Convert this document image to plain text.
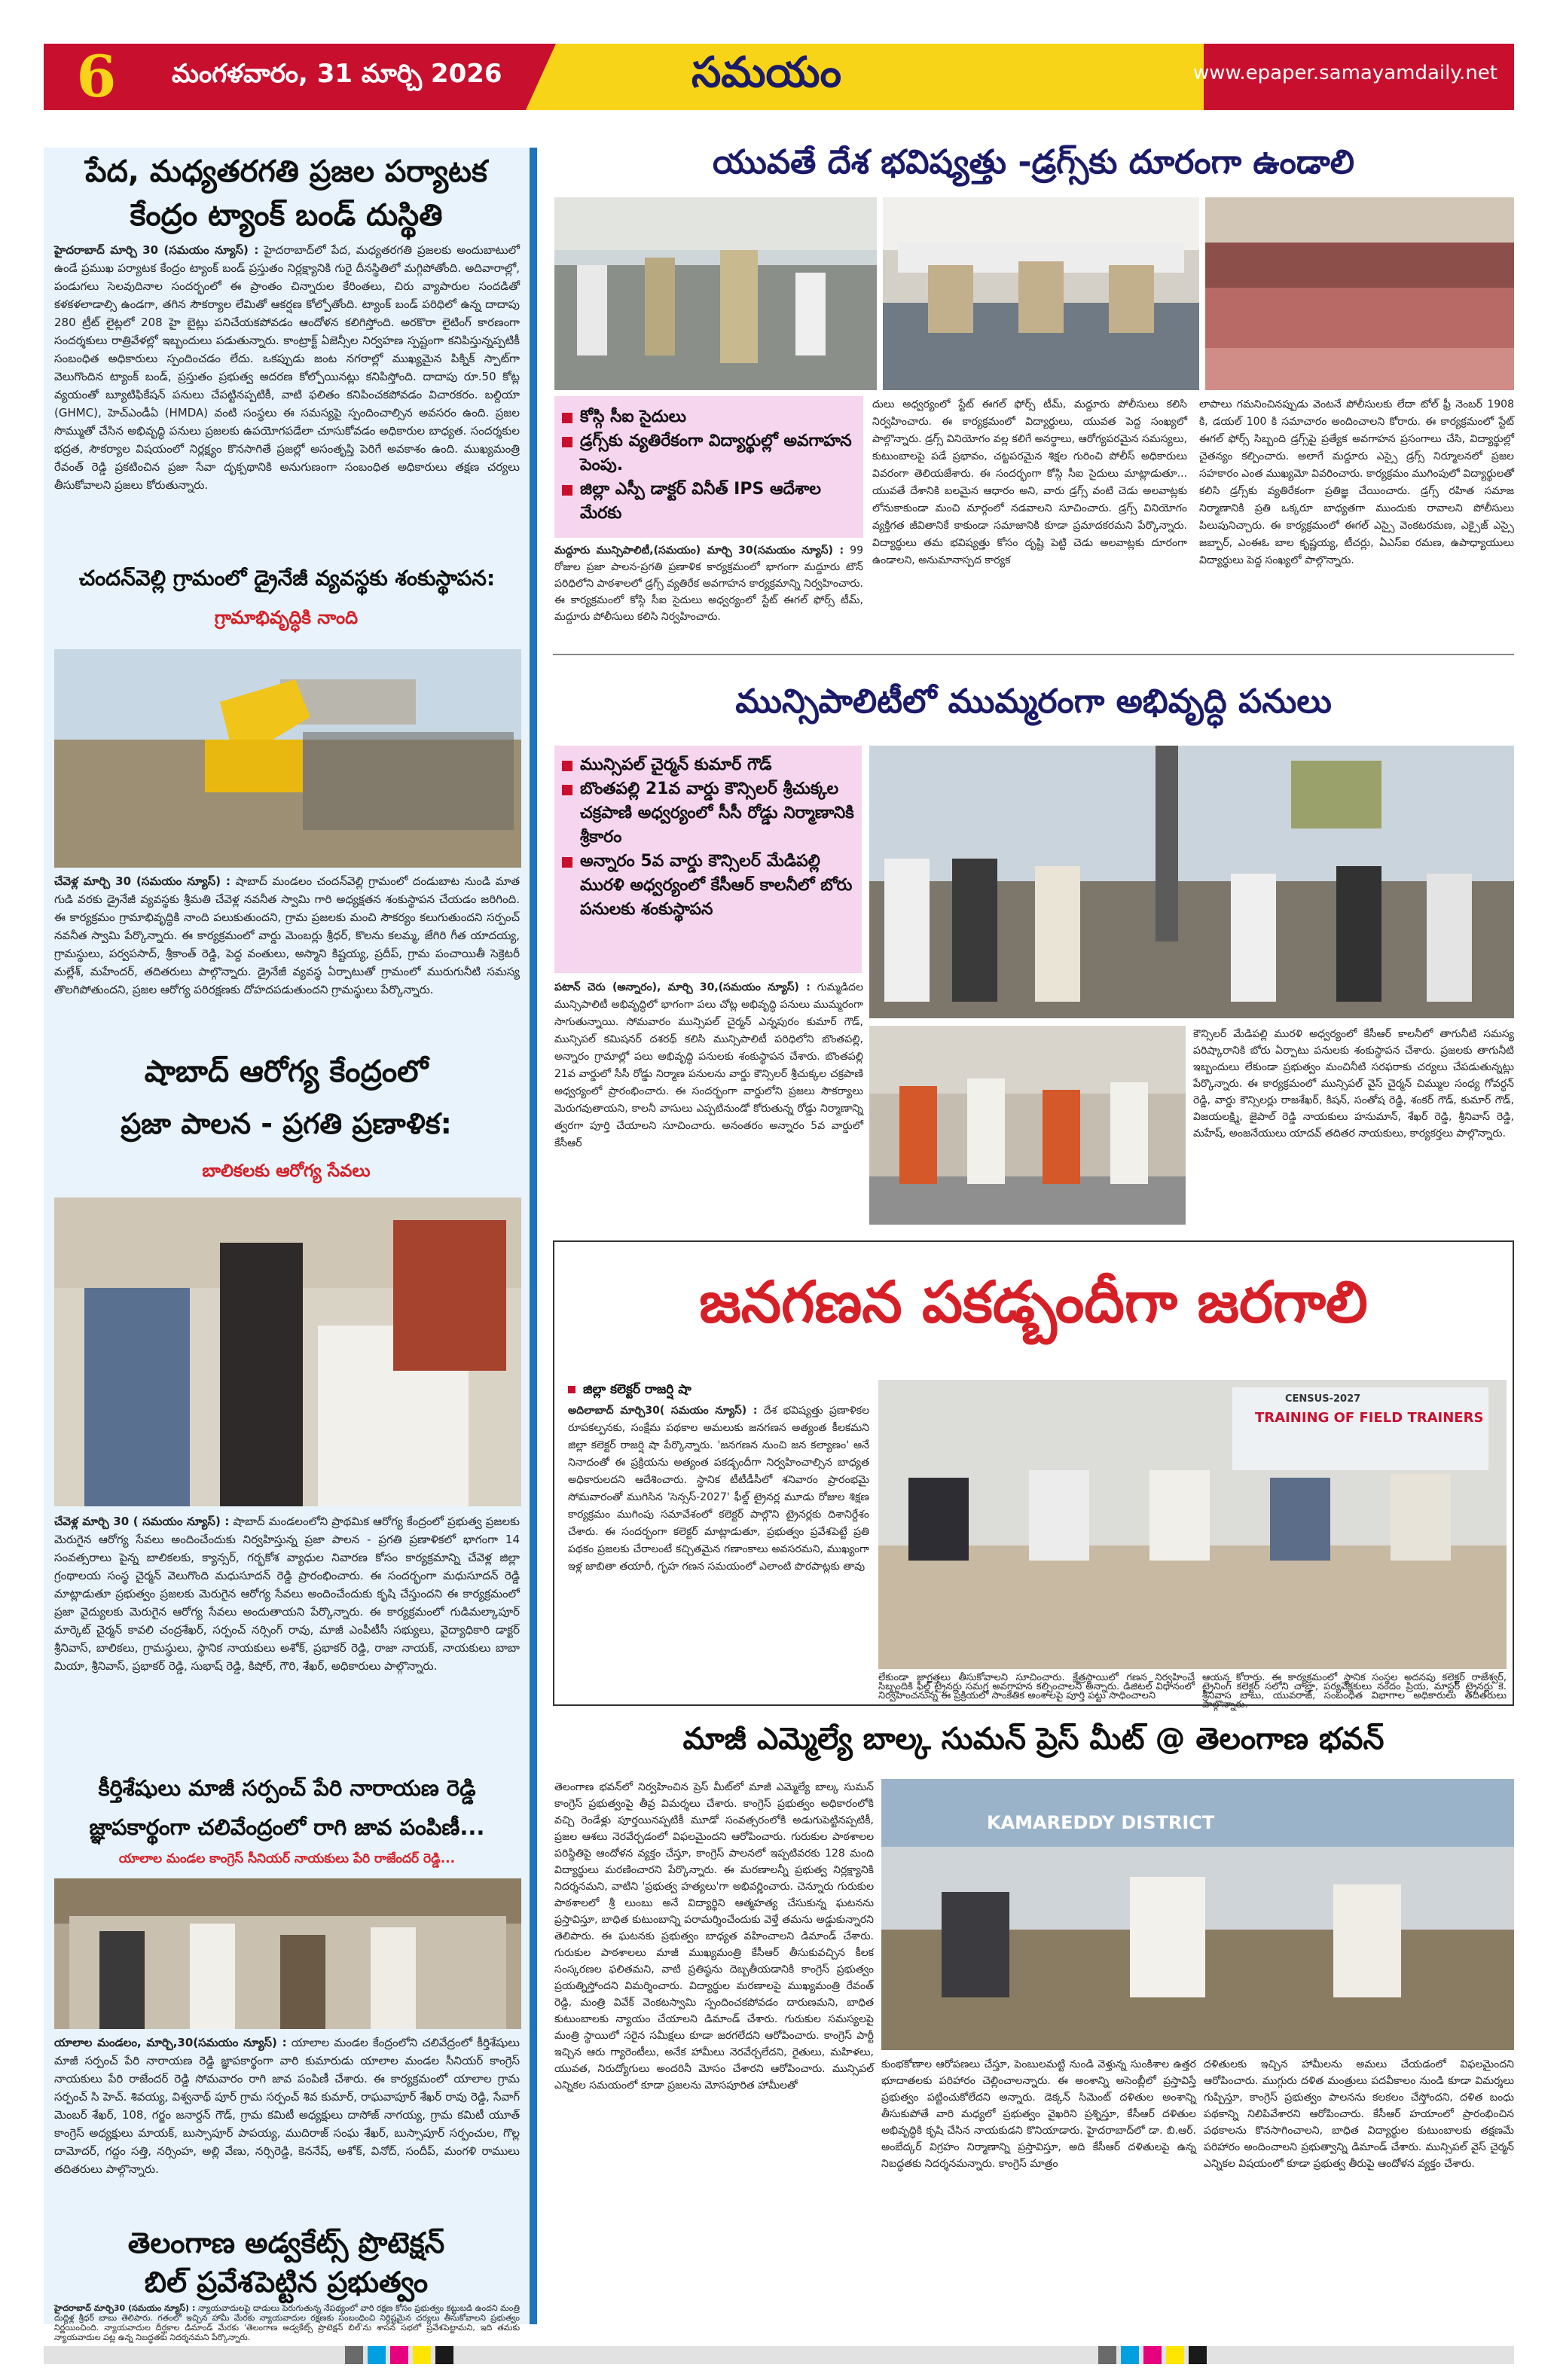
6	మంగళవారం, 31 మార్చి 2026	సమయం	www.epaper.samayamdaily.net
పేద, మధ్యతరగతి ప్రజల పర్యాటక
కేంద్రం ట్యాంక్ బండ్ దుస్థితి
హైదరాబాద్ మార్చి 30 (సమయం న్యూస్) : హైదరాబాద్‌లో పేద, మధ్యతరగతి ప్రజలకు అందుబాటులో ఉండే ప్రముఖ పర్యాటక కేంద్రం ట్యాంక్ బండ్ ప్రస్తుతం నిర్లక్ష్యానికి గురై దీనస్థితిలో మగ్గిపోతోంది. అదివారాల్లో, పండుగలు సెలవుదినాల సందర్భంలో ఈ ప్రాంతం చిన్నారుల కేరింతలు, చిరు వ్యాపారుల సందడితో కళకళలాడాల్సి ఉండగా, తగిన సౌకర్యాల లేమితో ఆకర్షణ కోల్పోతోంది. ట్యాంక్ బండ్ పరిధిలో ఉన్న దాదాపు 280 ట్రీట్ లైట్లలో 208 హై బైట్లు పనిచేయకపోవడం ఆందోళన కలిగిస్తోంది. అరకొరా లైటింగ్ కారణంగా సందర్శకులు రాత్రివేళల్లో ఇబ్బందులు పడుతున్నారు. కాంట్రాక్ట్ ఏజెన్సీల నిర్వహణ స్పష్టంగా కనిపిస్తున్నప్పటికీ సంబంధిత అధికారులు స్పందించడం లేదు. ఒకప్పుడు జంట నగరాల్లో ముఖ్యమైన పిక్నిక్ స్పాట్‌గా వెలుగొందిన ట్యాంక్ బండ్, ప్రస్తుతం ప్రభుత్వ అదరణ కోల్పోయినట్లు కనిపిస్తోంది. దాదాపు రూ.50 కోట్ల వ్యయంతో బ్యూటిఫికేషన్ పనులు చేపట్టినప్పటికీ, వాటి ఫలితం కనిపించకపోవడం విచారకరం. బల్దియా (GHMC), హెచ్ఎండీఏ (HMDA) వంటి సంస్థలు ఈ సమస్యపై స్పందించాల్సిన అవసరం ఉంది. ప్రజల సొమ్ముతో చేసిన అభివృద్ధి పనులు ప్రజలకు ఉపయోగపడేలా చూసుకోవడం అధికారుల బాధ్యత. సందర్శకుల భద్రత, సౌకర్యాల విషయంలో నిర్లక్ష్యం కొనసాగితే ప్రజల్లో అసంతృప్తి పెరిగే అవకాశం ఉంది. ముఖ్యమంత్రి రేవంత్ రెడ్డి ప్రకటించిన ప్రజా సేవా దృక్పథానికి అనుగుణంగా సంబంధిత అధికారులు తక్షణ చర్యలు తీసుకోవాలని ప్రజలు కోరుతున్నారు.
చందన్‌వెల్లి గ్రామంలో డ్రైనేజీ వ్యవస్థకు శంకుస్థాపన:
గ్రామాభివృద్ధికి నాంది
చేవెళ్ల మార్చి 30 (సమయం న్యూస్) : షాబాద్ మండలం చందన్‌వెల్లి గ్రామంలో దండుబాట నుండి మాత గుడి వరకు డ్రైనేజీ వ్యవస్థకు శ్రీమతి చేవెళ్ల నవనీత స్వామి గారి అధ్యక్షతన శంకుస్థాపన చేయడం జరిగింది. ఈ కార్యక్రమం గ్రామాభివృద్ధికి నాంది పలుకుతుందని, గ్రామ ప్రజలకు మంచి సౌకర్యం కలుగుతుందని సర్పంచ్ నవనీత స్వామి పేర్కొన్నారు. ఈ కార్యక్రమంలో వార్డు మెంబర్లు శ్రీధర్, కొలను కలమ్మ, జేగిరి గీత యాదయ్య, గ్రామస్థులు, పర్వపసాద్, శ్రీకాంత్ రెడ్డి, పెద్ద వంతులు, అస్మాని కిష్టయ్య, ప్రదీప్, గ్రామ పంచాయితీ సెక్రెటరీ మల్లేశ్, మహేందర్, తదితరులు పాల్గొన్నారు. డ్రైనేజీ వ్యవస్థ ఏర్పాటుతో గ్రామంలో మురుగునీటి సమస్య తొలగిపోతుందని, ప్రజల ఆరోగ్య పరిరక్షణకు దోహదపడుతుందని గ్రామస్థులు పేర్కొన్నారు.
షాబాద్ ఆరోగ్య కేంద్రంలో
ప్రజా పాలన - ప్రగతి ప్రణాళిక:
బాలికలకు ఆరోగ్య సేవలు
చేవెళ్ల మార్చి 30 ( సమయం న్యూస్) : షాబాద్ మండలంలోని ప్రాథమిక ఆరోగ్య కేంద్రంలో ప్రభుత్వ ప్రజలకు మెరుగైన ఆరోగ్య సేవలు అందించేందుకు నిర్వహిస్తున్న ప్రజా పాలన - ప్రగతి ప్రణాళికలో భాగంగా 14 సంవత్సరాలు పైన్న బాలికలకు, క్యాన్సర్, గర్భకోశ వ్యాధుల నివారణ కోసం కార్యక్రమాన్ని చేవెళ్ల జిల్లా గ్రంథాలయ సంస్థ చైర్మన్ వెలుగొంది మధుసూదన్ రెడ్డి ప్రారంభించారు. ఈ సందర్భంగా మధుసూదన్ రెడ్డి మాట్లాడుతూ ప్రభుత్వం ప్రజలకు మెరుగైన ఆరోగ్య సేవలు అందించేందుకు కృషి చేస్తుందని ఈ కార్యక్రమంలో ప్రజా వైద్యులకు మెరుగైన ఆరోగ్య సేవలు అందుతాయని పేర్కొన్నారు. ఈ కార్యక్రమంలో గుడిమల్కాపూర్ మార్కెట్ చైర్మన్ కావలి చంద్రశేఖర్, సర్పంచ్ నర్సింగ్ రావు, మాజీ ఎంపీటీసీ సభ్యులు, వైద్యాధికారి డాక్టర్ శ్రీనివాస్, బాలికలు, గ్రామస్థులు, స్థానిక నాయకులు అశోక్, ప్రభాకర్ రెడ్డి, రాజా నాయక్, నాయకులు బాబా మియా, శ్రీనివాస్, ప్రభాకర్ రెడ్డి, సుభాష్ రెడ్డి, కిషోర్, గౌరి, శేఖర్, అధికారులు పాల్గొన్నారు.
కీర్తిశేషులు మాజీ సర్పంచ్ పేరి నారాయణ రెడ్డి
జ్ఞాపకార్థంగా చలివేంద్రంలో రాగి జావ పంపిణీ...
యాలాల మండల కాంగ్రెస్ సీనియర్ నాయకులు పేరి రాజేందర్ రెడ్డి...
యాలాల మండలం, మార్చి,30(సమయం న్యూస్) : యాలాల మండల కేంద్రంలోని చలివేద్రంలో కీర్తిశేషులు మాజీ సర్పంచ్ పేరి నారాయణ రెడ్డి జ్ఞాపకార్థంగా వారి కుమారుడు యాలాల మండల సీనియర్ కాంగ్రెస్ నాయకులు పేరి రాజేందర్ రెడ్డి సోమవారం రాగి జావ పంపిణీ చేశారు. ఈ కార్యక్రమంలో యాలాల గ్రామ సర్పంచ్ సి హెచ్. శివయ్య, విశ్వనాథ్ పూర్ గ్రామ సర్పంచ్ శివ కుమార్, రాఘవాపూర్ శేఖర్ రావు రెడ్డి, సేవాగ్ మెంబర్ శేఖర్, 108, గర్జం జనార్దన్ గౌడ్, గ్రామ కమిటీ అధ్యక్షులు దాసోజ్ నాగయ్య, గ్రామ కమిటీ యూత్ కాంగ్రెస్ అధ్యక్షులు మాయక్, బుస్సాపూర్ పాపయ్య, ముదిరాజ్ సంఘ శేఖర్, బుస్సాపూర్ సర్పంచుల, గొల్ల దామోదర్, గద్దం సత్తి, నర్సింహ, అల్లి వేణు, నర్సిరెడ్డి, కెననేష్, అశోక్, వినోద్, సందీప్, మంగళి రాములు తదితరులు పాల్గొన్నారు.
తెలంగాణ అడ్వకేట్స్ ప్రొటెక్షన్
బిల్ ప్రవేశపెట్టిన ప్రభుత్వం
హైదరాబాద్ మార్చి30 (సమయం న్యూస్) : న్యాయవాదులపై దాడులు పెరుగుతున్న నేపథ్యంలో వారి రక్షణ కోసం ప్రభుత్వం కట్టుబడి ఉందని మంత్రి దుద్దిళ్ల శ్రీధర్ బాబు తెలిపారు. గతంలో ఇచ్చిన హామీ మేరకు న్యాయవాదుల రక్షణకు సంబంధించి నిర్దిష్టమైన చర్యలు తీసుకోవాలని ప్రభుత్వం నిర్ణయించింది. న్యాయవాదుల దీర్ఘకాల డిమాండ్ మేరకు 'తెలంగాణ అడ్వకేట్స్ ప్రొటెక్షన్ బిల్'ను శాసన సభలో ప్రవేశపెట్టామని, ఇది తమకు న్యాయవాదుల పట్ల ఉన్న నిబద్ధతకు నిదర్శనమని పేర్కొన్నారు.
యువతే దేశ భవిష్యత్తు -డ్రగ్స్‌కు దూరంగా ఉండాలి
కోస్గి సీఐ సైదులు
డ్రగ్స్‌కు వ్యతిరేకంగా విద్యార్థుల్లో అవగాహన పెంపు.
జిల్లా ఎస్పీ డాక్టర్ వినీత్ IPS ఆదేశాల మేరకు
మద్దూరు మున్సిపాలిటీ,(సమయం) మార్చి 30(సమయం న్యూస్) : 99 రోజుల ప్రజా పాలన-ప్రగతి ప్రణాళిక కార్యక్రమంలో భాగంగా మద్దూరు టౌన్ పరిధిలోని పాఠశాలలో డ్రగ్స్ వ్యతిరేక అవగాహన కార్యక్రమాన్ని నిర్వహించారు. ఈ కార్యక్రమంలో కోస్గి సీఐ సైదులు అధ్వర్యంలో స్టేట్ ఈగల్ ఫోర్స్ టీమ్, మద్దూరు పోలీసులు కలిసి నిర్వహించారు.
దులు అధ్వర్యంలో స్టేట్ ఈగల్ ఫోర్స్ టీమ్, మద్దూరు పోలీసులు కలిసి నిర్వహించారు. ఈ కార్యక్రమంలో విద్యార్థులు, యువత పెద్ద సంఖ్యలో పాల్గొన్నారు. డ్రగ్స్ వినియోగం వల్ల కలిగే అనర్థాలు, ఆరోగ్యపరమైన సమస్యలు, కుటుంబాలపై పడే ప్రభావం, చట్టపరమైన శిక్షల గురించి పోలీస్ అధికారులు వివరంగా తెలియజేశారు. ఈ సందర్భంగా కోస్గి సీఐ సైదులు మాట్లాడుతూ... యువతే దేశానికి బలమైన ఆధారం అని, వారు డ్రగ్స్ వంటి చెడు అలవాట్లకు లోనుకాకుండా మంచి మార్గంలో నడవాలని సూచించారు. డ్రగ్స్ వినియోగం వ్యక్తిగత జీవితానికే కాకుండా సమాజానికి కూడా ప్రమాదకరమని పేర్కొన్నారు. విద్యార్థులు తమ భవిష్యత్తు కోసం దృష్టి పెట్టి చెడు అలవాట్లకు దూరంగా ఉండాలని, అనుమానాస్పద కార్యక
లాపాలు గమనించినప్పుడు వెంటనే పోలీసులకు లేదా టోల్ ఫ్రీ నెంబర్ 1908 కి, డయల్ 100 కి సమాచారం అందించాలని కోరారు. ఈ కార్యక్రమంలో స్టేట్ ఈగల్ ఫోర్స్ సిబ్బంది డ్రగ్స్‌పై ప్రత్యేక అవగాహన ప్రసంగాలు చేసి, విద్యార్థుల్లో చైతన్యం కల్పించారు. అలాగే మద్దూరు ఎస్సై డ్రగ్స్ నిర్మూలనలో ప్రజల సహకారం ఎంత ముఖ్యమో వివరించారు. కార్యక్రమం ముగింపులో విద్యార్థులతో కలిసి డ్రగ్స్‌కు వ్యతిరేకంగా ప్రతిజ్ఞ చేయించారు. డ్రగ్స్ రహిత సమాజ నిర్మాణానికి ప్రతి ఒక్కరూ బాధ్యతగా ముందుకు రావాలని పోలీసులు పిలుపునిచ్చారు. ఈ కార్యక్రమంలో ఈగల్ ఎస్సై వెంకటరమణ, ఎక్సైజ్ ఎస్సై జబ్బార్, ఎంఈఓ బాల కృష్ణయ్య, టీచర్లు, ఏఎస్ఐ రమణ, ఉపాధ్యాయులు విద్యార్థులు పెద్ద సంఖ్యలో పాల్గొన్నారు.
మున్సిపాలిటీలో ముమ్మరంగా అభివృద్ధి పనులు
మున్సిపల్ చైర్మన్ కుమార్ గౌడ్
బొంతపల్లి 21వ వార్డు కౌన్సిలర్ శ్రీచుక్కల చక్రపాణి అధ్వర్యంలో సీసీ రోడ్డు నిర్మాణానికి శ్రీకారం
అన్నారం 5వ వార్డు కౌన్సిలర్ మేడిపల్లి మురళి అధ్వర్యంలో కేసీఆర్ కాలనీలో బోరు పనులకు శంకుస్థాపన
పటాన్ చెరు (అన్నారం), మార్చి 30,(సమయం న్యూస్) : గుమ్మడిదల మున్సిపాలిటీ అభివృద్ధిలో భాగంగా పలు చోట్ల అభివృద్ధి పనులు ముమ్మరంగా సాగుతున్నాయి. సోమవారం మున్సిపల్ చైర్మన్ ఎన్నపురం కుమార్ గౌడ్, మున్సిపల్ కమిషనర్ దశరథ్ కలిసి మున్సిపాలిటీ పరిధిలోని బొంతపల్లి, అన్నారం గ్రామాల్లో పలు అభివృద్ధి పనులకు శంకుస్థాపన చేశారు. బొంతపల్లి 21వ వార్డులో సీసీ రోడ్డు నిర్మాణ పనులను వార్డు కౌన్సిలర్ శ్రీచుక్కల చక్రపాణి అధ్వర్యంలో ప్రారంభించారు. ఈ సందర్భంగా వార్డులోని ప్రజలు సౌకర్యాలు మెరుగవుతాయని, కాలనీ వాసులు ఎప్పటినుండో కోరుతున్న రోడ్డు నిర్మాణాన్ని త్వరగా పూర్తి చేయాలని సూచించారు. అనంతరం అన్నారం 5వ వార్డులో కేసీఆర్
కౌన్సిలర్ మేడిపల్లి మురళి అధ్వర్యంలో కేసీఆర్ కాలనీలో తాగునీటి సమస్య పరిష్కారానికి బోరు ఏర్పాటు పనులకు శంకుస్థాపన చేశారు. ప్రజలకు తాగునీటి ఇబ్బందులు లేకుండా ప్రభుత్వం మంచినీటి సరఫరాకు చర్యలు చేపడుతున్నట్లు పేర్కొన్నారు. ఈ కార్యక్రమంలో మున్సిపల్ వైస్ చైర్మన్ చిమ్ముల సంధ్య గోవర్ధన్ రెడ్డి, వార్డు కౌన్సిలర్లు రాజశేఖర్, కిషన్, సంతోష రెడ్డి, శంకర్ గౌడ్, కుమార్ గౌడ్, విజయలక్ష్మి, జైపాల్ రెడ్డి నాయకులు హనుమాన్, శేఖర్ రెడ్డి, శ్రీనివాస్ రెడ్డి, మహేష్, అంజనేయులు యాదవ్ తదితర నాయకులు, కార్యకర్తలు పాల్గొన్నారు.
జనగణన పకడ్బందీగా జరగాలి
జిల్లా కలెక్టర్ రాజర్షి షా
అదిలాబాద్ మార్చి30( సమయం న్యూస్) : దేశ భవిష్యత్తు ప్రణాళికల రూపకల్పనకు, సంక్షేమ పథకాల అమలుకు జనగణన అత్యంత కీలకమని జిల్లా కలెక్టర్ రాజర్షి షా పేర్కొన్నారు. 'జనగణన నుంచి జన కల్యాణం' అనే నినాదంతో ఈ ప్రక్రియను అత్యంత పకడ్బందీగా నిర్వహించాల్సిన బాధ్యత అధికారులదని ఆదేశించారు. స్థానిక టీటీడీసీలో శనివారం ప్రారంభమై సోమవారంతో ముగిసిన 'సెన్సస్-2027' ఫీల్డ్ ట్రైనర్ల మూడు రోజుల శిక్షణ కార్యక్రమం ముగింపు సమావేశంలో కలెక్టర్ పాల్గొని ట్రైనర్లకు దిశానిర్దేశం చేశారు. ఈ సందర్భంగా కలెక్టర్ మాట్లాడుతూ, ప్రభుత్వం ప్రవేశపెట్టే ప్రతి పథకం ప్రజలకు చేరాలంటే కచ్చితమైన గణాంకాలు అవసరమని, ముఖ్యంగా ఇళ్ల జాబితా తయారీ, గృహ గణన సమయంలో ఎలాంటి పొరపాట్లకు తావు
CENSUS-2027
TRAINING OF FIELD TRAINERS
లేకుండా జాగ్రత్తలు తీసుకోవాలని సూచించారు. క్షేత్రస్థాయిలో గణన నిర్వహించే సిబ్బందికి ఫీల్డ్ ట్రైనర్లు సమగ్ర అవగాహన కల్పించాలని అన్నారు. డిజిటల్ విధానంలో నిర్వహించనున్న ఈ ప్రక్రియలో సాంకేతిక అంశాలపై పూర్తి పట్టు సాధించాలని
ఆయన కోరారు. ఈ కార్యక్రమంలో స్థానిక సంస్థల అదనపు కలెక్టర్ రాజేశ్వర్, ట్రైనింగ్ కలెక్టర్ సలోని చాబ్రా, పర్యవేక్షకులు నందం ప్రియ, మాస్టర్ ట్రైనర్లు కె. శ్రీనివాస బాబు, యువరాజ్, సంబంధిత విభాగాల అధికారులు తదితరులు పాల్గొన్నారు.
మాజీ ఎమ్మెల్యే బాల్క సుమన్ ప్రెస్ మీట్ @ తెలంగాణ భవన్
తెలంగాణ భవన్‌లో నిర్వహించిన ప్రెస్ మీట్‌లో మాజీ ఎమ్మెల్యే బాల్క సుమన్ కాంగ్రెస్ ప్రభుత్వంపై తీవ్ర విమర్శలు చేశారు. కాంగ్రెస్ ప్రభుత్వం అధికారంలోకి వచ్చి రెండేళ్లు పూర్తయినప్పటికీ మూడో సంవత్సరంలోకి అడుగుపెట్టినప్పటికీ, ప్రజల ఆశలు నెరవేర్చడంలో విఫలమైందని ఆరోపించారు. గురుకుల పాఠశాలల పరిస్థితిపై ఆందోళన వ్యక్తం చేస్తూ, కాంగ్రెస్ పాలనలో ఇప్పటివరకు 128 మంది విద్యార్థులు మరణించారని పేర్కొన్నారు. ఈ మరణాలన్నీ ప్రభుత్వ నిర్లక్ష్యానికి నిదర్శనమని, వాటిని 'ప్రభుత్వ హత్యలు'గా అభివర్ణించారు. చెన్నూరు గురుకుల పాఠశాలలో శ్రీ లుంబు అనే విద్యార్థిని ఆత్మహత్య చేసుకున్న ఘటనను ప్రస్తావిస్తూ, బాధిత కుటుంబాన్ని పరామర్శించేందుకు వెళ్తే తమను అడ్డుకున్నారని తెలిపారు. ఈ ఘటనకు ప్రభుత్వం బాధ్యత వహించాలని డిమాండ్ చేశారు. గురుకుల పాఠశాలలు మాజీ ముఖ్యమంత్రి కేసీఆర్ తీసుకువచ్చిన కీలక సంస్కరణల ఫలితమని, వాటి ప్రతిష్ఠను దెబ్బతీయడానికి కాంగ్రెస్ ప్రభుత్వం ప్రయత్నిస్తోందని విమర్శించారు. విద్యార్థుల మరణాలపై ముఖ్యమంత్రి రేవంత్ రెడ్డి, మంత్రి వివేక్ వెంకటస్వామి స్పందించకపోవడం దారుణమని, బాధిత కుటుంబాలకు న్యాయం చేయాలని డిమాండ్ చేశారు. గురుకుల సమస్యలపై మంత్రి స్థాయిలో సరైన సమీక్షలు కూడా జరగలేదని ఆరోపించారు. కాంగ్రెస్ పార్టీ ఇచ్చిన ఆరు గ్యారెంటీలు, అనేక హామీలు నెరవేర్చలేదని, రైతులు, మహిళలు, యువత, నిరుద్యోగులు అందరినీ మోసం చేశారని ఆరోపించారు. మున్సిపల్ ఎన్నికల సమయంలో కూడా ప్రజలను మోసపూరిత హామీలతో
KAMAREDDY DISTRICT
కుంభకోణాల ఆరోపణలు చేస్తూ, పెంబులమట్టి నుండి వెళ్తున్న సుంకిశాల ఉత్తర భూదాతలకు పరిహారం చెల్లించాలన్నారు. ఈ అంశాన్ని అసెంబ్లీలో ప్రస్తావిస్తే ప్రభుత్వం పట్టించుకోలేదని అన్నారు. డెక్కన్ సిమెంట్ దళితుల అంశాన్ని తీసుకుపోతే వారి మధ్యలో ప్రభుత్వం వైఖరిని ప్రశ్నిస్తూ, కేసీఆర్ దళితుల అభివృద్ధికి కృషి చేసిన నాయకుడని కొనియాడారు. హైదరాబాద్‌లో డా. బి.ఆర్. అంబేద్కర్ విగ్రహం నిర్మాణాన్ని ప్రస్తావిస్తూ, అది కేసీఆర్ దళితులపై ఉన్న నిబద్ధతకు నిదర్శనమన్నారు. కాంగ్రెస్ మాత్రం
దళితులకు ఇచ్చిన హామీలను అమలు చేయడంలో విఫలమైందని ఆరోపించారు. ముగ్గురు దళిత మంత్రులు పదవీకాలం నుండి కూడా విమర్శలు గుప్పిస్తూ, కాంగ్రెస్ ప్రభుత్వం పాలనను కలకలం చేస్తోందని, దళిత బంధు పథకాన్ని నిలిపివేశారని ఆరోపించారు. కేసీఆర్ హయాంలో ప్రారంభించిన పథకాలను కొనసాగించాలని, బాధిత విద్యార్థుల కుటుంబాలకు తక్షణమే పరిహారం అందించాలని ప్రభుత్వాన్ని డిమాండ్ చేశారు. మున్సిపల్ వైస్ చైర్మన్ ఎన్నికల విషయంలో కూడా ప్రభుత్వ తీరుపై ఆందోళన వ్యక్తం చేశారు.
